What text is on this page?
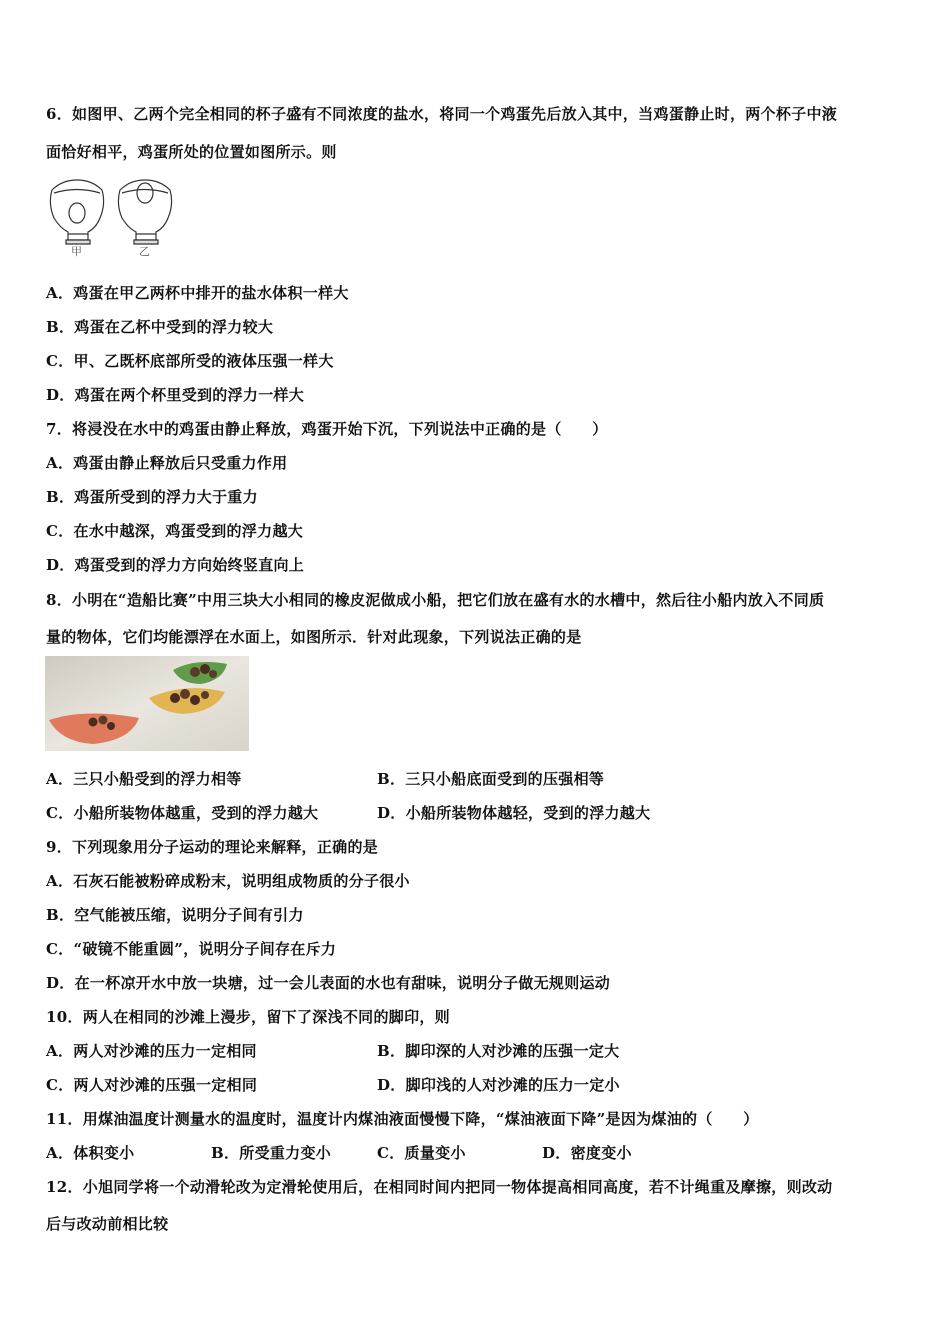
6．如图甲、乙两个完全相同的杯子盛有不同浓度的盐水，将同一个鸡蛋先后放入其中，当鸡蛋静止时，两个杯子中液
面恰好相平，鸡蛋所处的位置如图所示。则
甲	乙
A．鸡蛋在甲乙两杯中排开的盐水体积一样大
B．鸡蛋在乙杯中受到的浮力较大
C．甲、乙既杯底部所受的液体压强一样大
D．鸡蛋在两个杯里受到的浮力一样大
7．将浸没在水中的鸡蛋由静止释放，鸡蛋开始下沉，下列说法中正确的是（　　）
A．鸡蛋由静止释放后只受重力作用
B．鸡蛋所受到的浮力大于重力
C．在水中越深，鸡蛋受到的浮力越大
D．鸡蛋受到的浮力方向始终竖直向上
8．小明在“造船比赛”中用三块大小相同的橡皮泥做成小船，把它们放在盛有水的水槽中，然后往小船内放入不同质
量的物体，它们均能漂浮在水面上，如图所示．针对此现象，下列说法正确的是
A．三只小船受到的浮力相等	B．三只小船底面受到的压强相等
C．小船所装物体越重，受到的浮力越大	D．小船所装物体越轻，受到的浮力越大
9．下列现象用分子运动的理论来解释，正确的是
A．石灰石能被粉碎成粉末，说明组成物质的分子很小
B．空气能被压缩，说明分子间有引力
C．“破镜不能重圆”，说明分子间存在斥力
D．在一杯凉开水中放一块塘，过一会儿表面的水也有甜味，说明分子做无规则运动
10．两人在相同的沙滩上漫步，留下了深浅不同的脚印，则
A．两人对沙滩的压力一定相同	B．脚印深的人对沙滩的压强一定大
C．两人对沙滩的压强一定相同	D．脚印浅的人对沙滩的压力一定小
11．用煤油温度计测量水的温度时，温度计内煤油液面慢慢下降，“煤油液面下降”是因为煤油的（　　）
A．体积变小	B．所受重力变小	C．质量变小	D．密度变小
12．小旭同学将一个动滑轮改为定滑轮使用后，在相同时间内把同一物体提高相同高度，若不计绳重及摩擦，则改动
后与改动前相比较
